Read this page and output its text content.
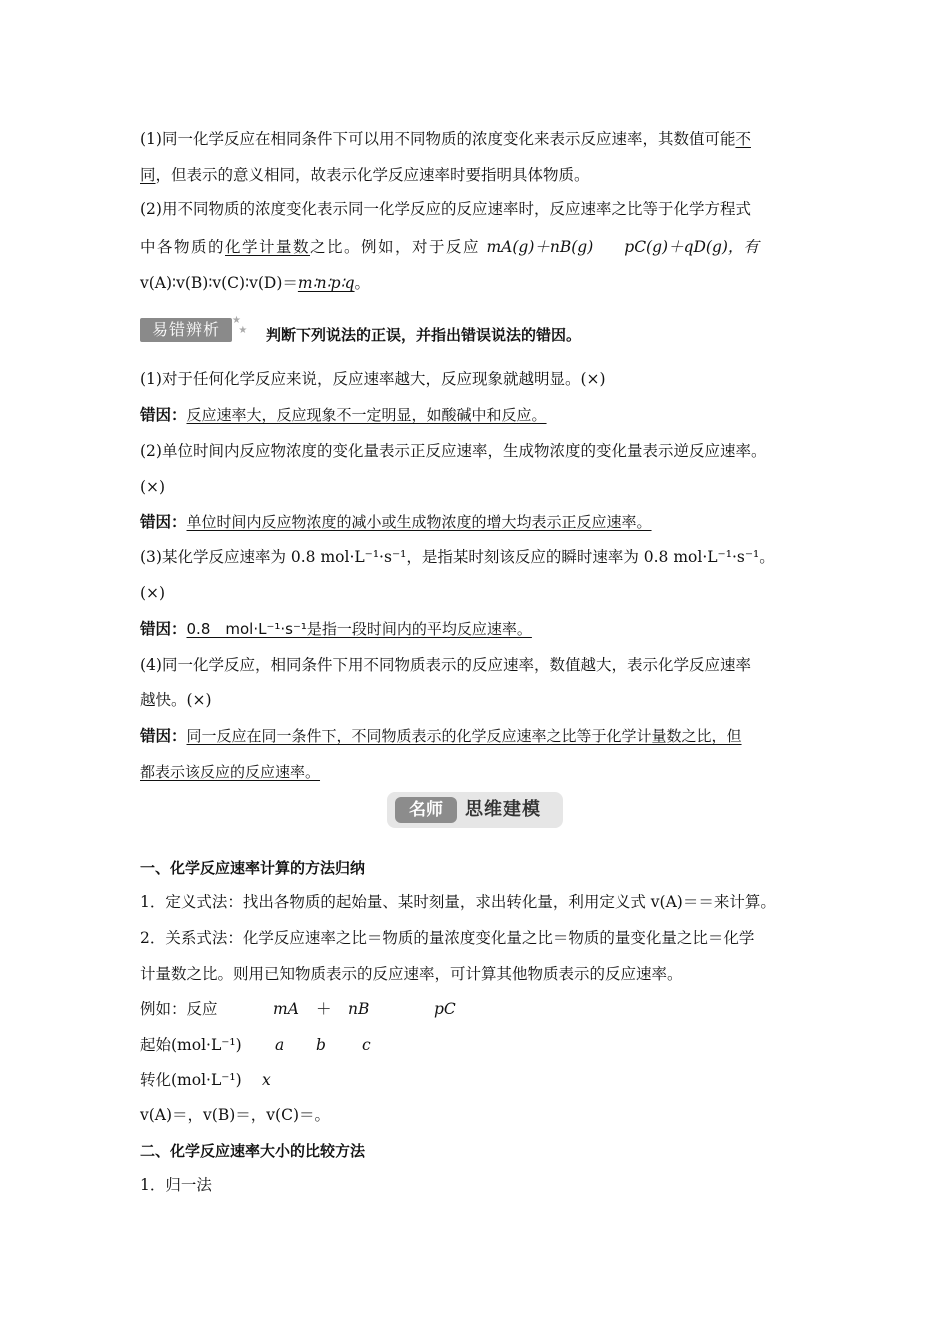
(1)同一化学反应在相同条件下可以用不同物质的浓度变化来表示反应速率，其数值可能不
同，但表示的意义相同，故表示化学反应速率时要指明具体物质。
(2)用不同物质的浓度变化表示同一化学反应的反应速率时，反应速率之比等于化学方程式
中各物质的化学计量数之比。例如，对于反应 mA(g)＋nB(g)　　pC(g)＋qD(g)，有
v(A)∶v(B)∶v(C)∶v(D)＝m∶n∶p∶q。
易错辨析	★
★	判断下列说法的正误，并指出错误说法的错因。
(1)对于任何化学反应来说，反应速率越大，反应现象就越明显。(×)
错因：反应速率大，反应现象不一定明显，如酸碱中和反应。
(2)单位时间内反应物浓度的变化量表示正反应速率，生成物浓度的变化量表示逆反应速率。
(×)
错因：单位时间内反应物浓度的减小或生成物浓度的增大均表示正反应速率。
(3)某化学反应速率为 0.8 mol·L⁻¹·s⁻¹，是指某时刻该反应的瞬时速率为 0.8 mol·L⁻¹·s⁻¹。
(×)
错因：0.8　mol·L⁻¹·s⁻¹是指一段时间内的平均反应速率。
(4)同一化学反应，相同条件下用不同物质表示的反应速率，数值越大，表示化学反应速率
越快。(×)
错因：同一反应在同一条件下，不同物质表示的化学反应速率之比等于化学计量数之比，但
都表示该反应的反应速率。
名师	思维建模
一、化学反应速率计算的方法归纳
1．定义式法：找出各物质的起始量、某时刻量，求出转化量，利用定义式 v(A)＝＝来计算。
2．关系式法：化学反应速率之比＝物质的量浓度变化量之比＝物质的量变化量之比＝化学
计量数之比。则用已知物质表示的反应速率，可计算其他物质表示的反应速率。
例如：反应	mA ＋ nB	pC
起始(mol·L⁻¹) a b c
转化(mol·L⁻¹) x
v(A)＝，v(B)＝，v(C)＝。
二、化学反应速率大小的比较方法
1．归一法
